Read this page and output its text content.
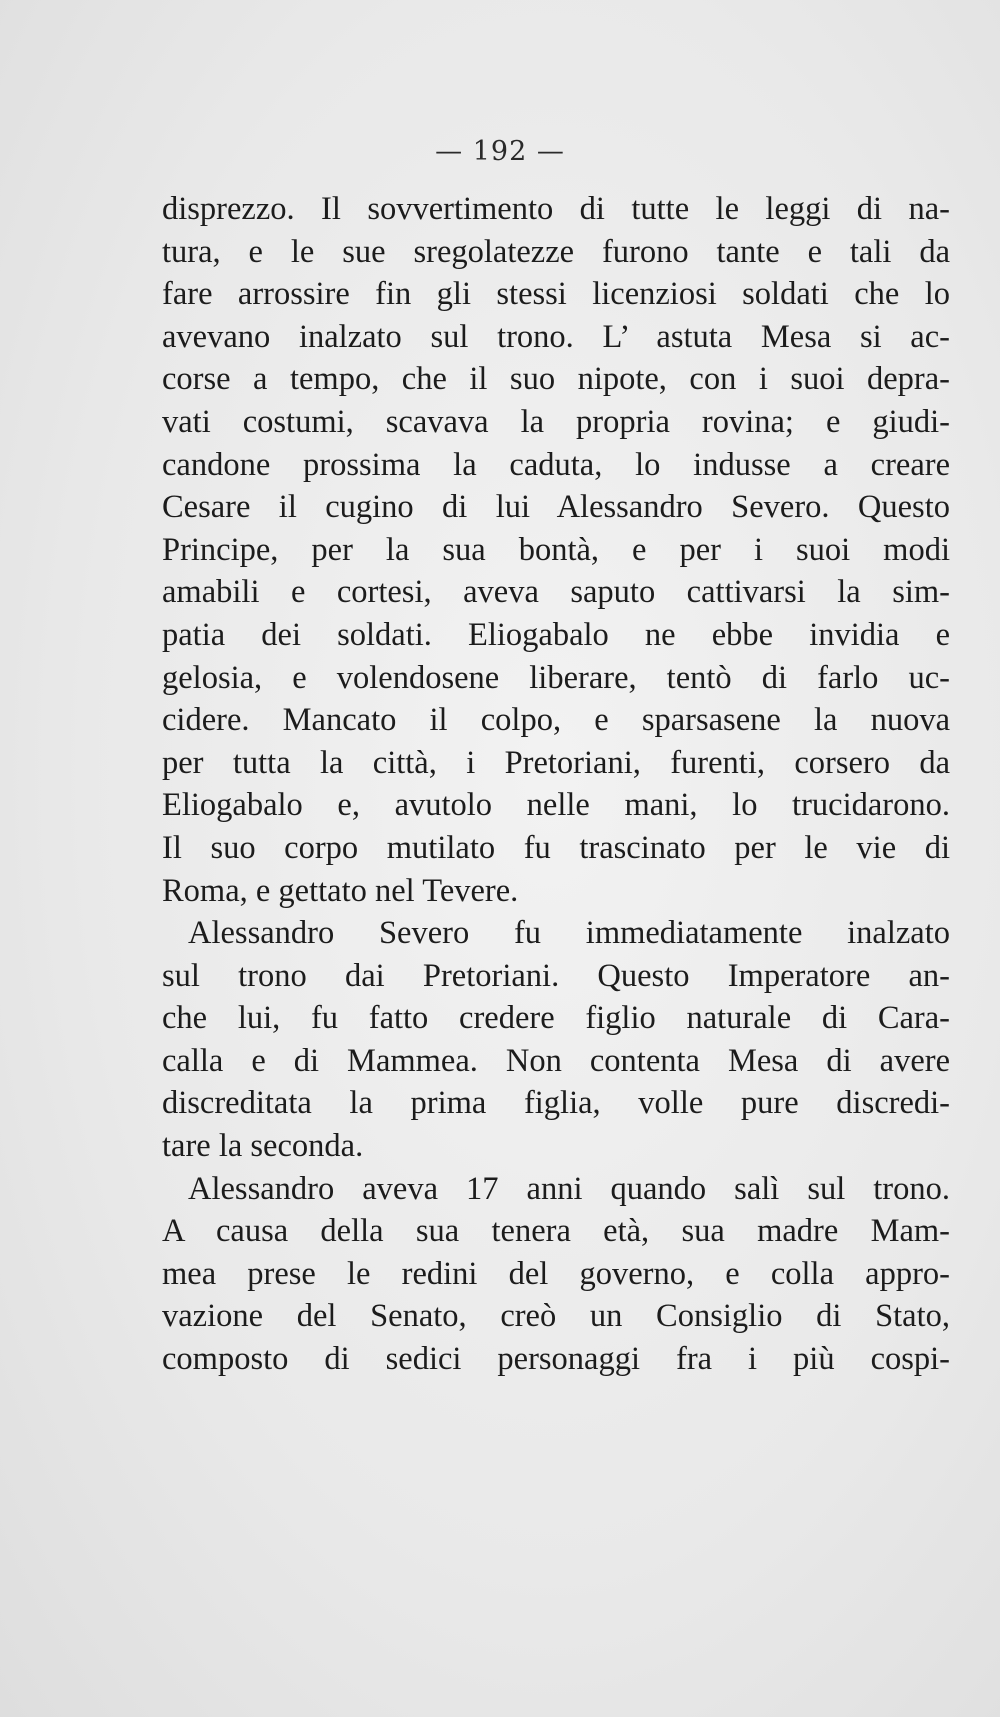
— 192 —
disprezzo. Il sovvertimento di tutte le leggi di na-
tura, e le sue sregolatezze furono tante e tali da
fare arrossire fin gli stessi licenziosi soldati che lo
avevano inalzato sul trono. L’ astuta Mesa si ac-
corse a tempo, che il suo nipote, con i suoi depra-
vati costumi, scavava la propria rovina; e giudi-
candone prossima la caduta, lo indusse a creare
Cesare il cugino di lui Alessandro Severo. Questo
Principe, per la sua bontà, e per i suoi modi
amabili e cortesi, aveva saputo cattivarsi la sim-
patia dei soldati. Eliogabalo ne ebbe invidia e
gelosia, e volendosene liberare, tentò di farlo uc-
cidere. Mancato il colpo, e sparsasene la nuova
per tutta la città, i Pretoriani, furenti, corsero da
Eliogabalo e, avutolo nelle mani, lo trucidarono.
Il suo corpo mutilato fu trascinato per le vie di
Roma, e gettato nel Tevere.
Alessandro Severo fu immediatamente inalzato
sul trono dai Pretoriani. Questo Imperatore an-
che lui, fu fatto credere figlio naturale di Cara-
calla e di Mammea. Non contenta Mesa di avere
discreditata la prima figlia, volle pure discredi-
tare la seconda.
Alessandro aveva 17 anni quando salì sul trono.
A causa della sua tenera età, sua madre Mam-
mea prese le redini del governo, e colla appro-
vazione del Senato, creò un Consiglio di Stato,
composto di sedici personaggi fra i più cospi-
